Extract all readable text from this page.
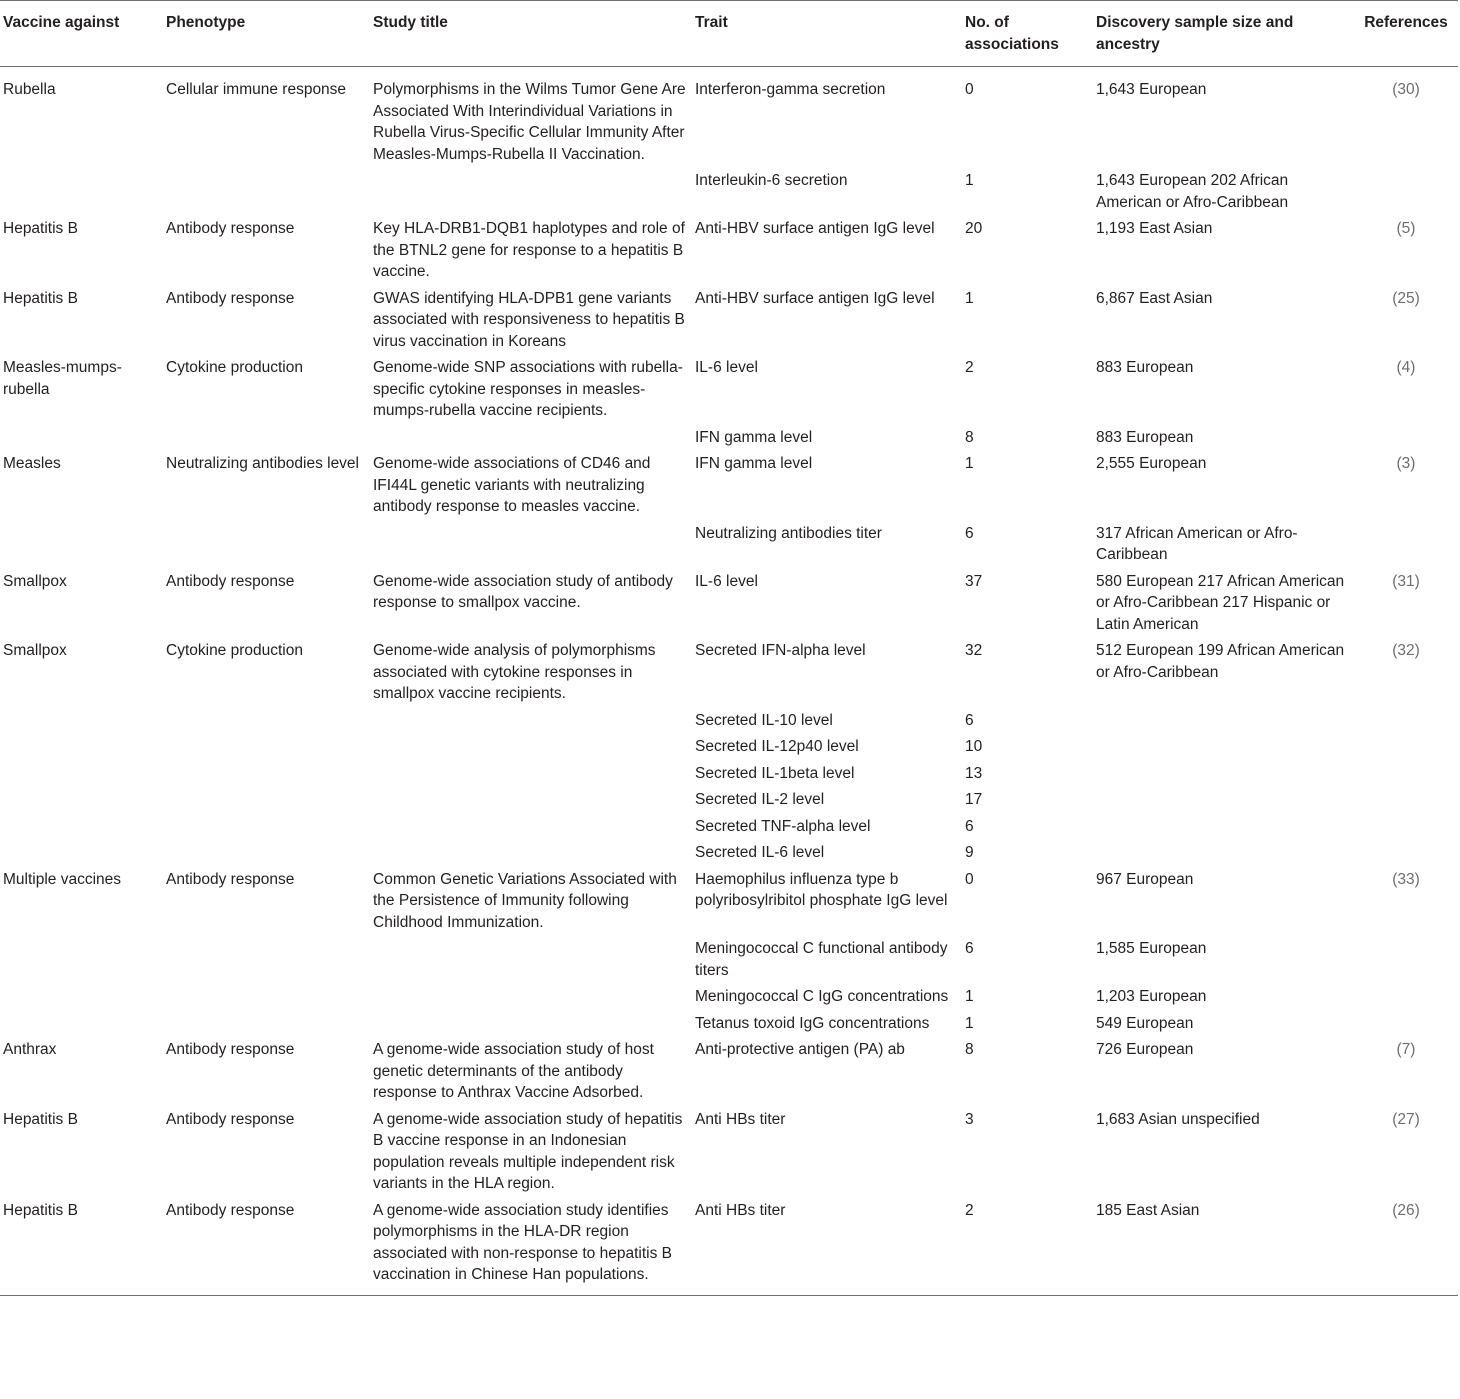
Vaccine against	Phenotype	Study title	Trait	No. of associations	Discovery sample size and ancestry	References
Rubella	Cellular immune response	Polymorphisms in the Wilms Tumor Gene Are Associated With Interindividual Variations in Rubella Virus-Specific Cellular Immunity After Measles-Mumps-Rubella II Vaccination.	Interferon-gamma secretion	0	1,643 European	(30)
			Interleukin-6 secretion	1	1,643 European 202 African American or Afro-Caribbean	
Hepatitis B	Antibody response	Key HLA-DRB1-DQB1 haplotypes and role of the BTNL2 gene for response to a hepatitis B vaccine.	Anti-HBV surface antigen IgG level	20	1,193 East Asian	(5)
Hepatitis B	Antibody response	GWAS identifying HLA-DPB1 gene variants associated with responsiveness to hepatitis B virus vaccination in Koreans	Anti-HBV surface antigen IgG level	1	6,867 East Asian	(25)
Measles-mumps-rubella	Cytokine production	Genome-wide SNP associations with rubella-specific cytokine responses in measles-mumps-rubella vaccine recipients.	IL-6 level	2	883 European	(4)
			IFN gamma level	8	883 European	
Measles	Neutralizing antibodies level	Genome-wide associations of CD46 and IFI44L genetic variants with neutralizing antibody response to measles vaccine.	IFN gamma level	1	2,555 European	(3)
			Neutralizing antibodies titer	6	317 African American or Afro-Caribbean	
Smallpox	Antibody response	Genome-wide association study of antibody response to smallpox vaccine.	IL-6 level	37	580 European 217 African American or Afro-Caribbean 217 Hispanic or Latin American	(31)
Smallpox	Cytokine production	Genome-wide analysis of polymorphisms associated with cytokine responses in smallpox vaccine recipients.	Secreted IFN-alpha level	32	512 European 199 African American or Afro-Caribbean	(32)
			Secreted IL-10 level	6		
			Secreted IL-12p40 level	10		
			Secreted IL-1beta level	13		
			Secreted IL-2 level	17		
			Secreted TNF-alpha level	6		
			Secreted IL-6 level	9		
Multiple vaccines	Antibody response	Common Genetic Variations Associated with the Persistence of Immunity following Childhood Immunization.	Haemophilus influenza type b polyribosylribitol phosphate IgG level	0	967 European	(33)
			Meningococcal C functional antibody titers	6	1,585 European	
			Meningococcal C IgG concentrations	1	1,203 European	
			Tetanus toxoid IgG concentrations	1	549 European	
Anthrax	Antibody response	A genome-wide association study of host genetic determinants of the antibody response to Anthrax Vaccine Adsorbed.	Anti-protective antigen (PA) ab	8	726 European	(7)
Hepatitis B	Antibody response	A genome-wide association study of hepatitis B vaccine response in an Indonesian population reveals multiple independent risk variants in the HLA region.	Anti HBs titer	3	1,683 Asian unspecified	(27)
Hepatitis B	Antibody response	A genome-wide association study identifies polymorphisms in the HLA-DR region associated with non-response to hepatitis B vaccination in Chinese Han populations.	Anti HBs titer	2	185 East Asian	(26)
